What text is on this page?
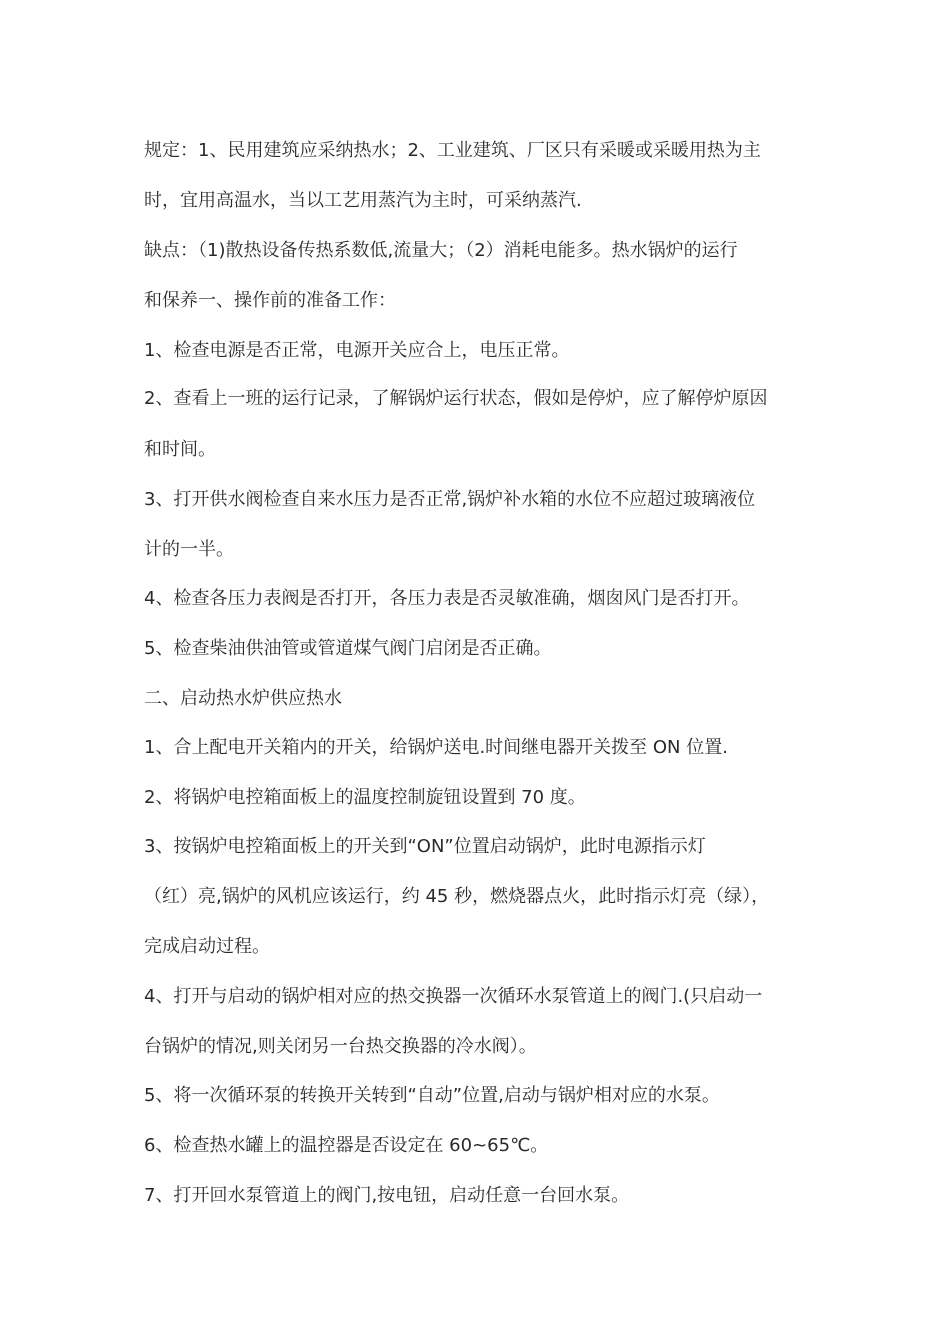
规定：1、民用建筑应采纳热水；2、工业建筑、厂区只有采暖或采暖用热为主
时，宜用高温水，当以工艺用蒸汽为主时，可采纳蒸汽.
缺点：（1)散热设备传热系数低,流量大；（2）消耗电能多。热水锅炉的运行
和保养一、操作前的准备工作：
1、检查电源是否正常，电源开关应合上，电压正常。
2、查看上一班的运行记录，了解锅炉运行状态，假如是停炉，应了解停炉原因
和时间。
3、打开供水阀检查自来水压力是否正常,锅炉补水箱的水位不应超过玻璃液位
计的一半。
4、检查各压力表阀是否打开，各压力表是否灵敏准确，烟囱风门是否打开。
5、检查柴油供油管或管道煤气阀门启闭是否正确。
二、启动热水炉供应热水
1、合上配电开关箱内的开关，给锅炉送电.时间继电器开关拨至 ON 位置.
2、将锅炉电控箱面板上的温度控制旋钮设置到 70 度。
3、按锅炉电控箱面板上的开关到“ON”位置启动锅炉，此时电源指示灯
（红）亮,锅炉的风机应该运行，约 45 秒，燃烧器点火，此时指示灯亮（绿），
完成启动过程。
4、打开与启动的锅炉相对应的热交换器一次循环水泵管道上的阀门.(只启动一
台锅炉的情况,则关闭另一台热交换器的冷水阀）。
5、将一次循环泵的转换开关转到“自动”位置,启动与锅炉相对应的水泵。
6、检查热水罐上的温控器是否设定在 60~65℃。
7、打开回水泵管道上的阀门,按电钮，启动任意一台回水泵。
